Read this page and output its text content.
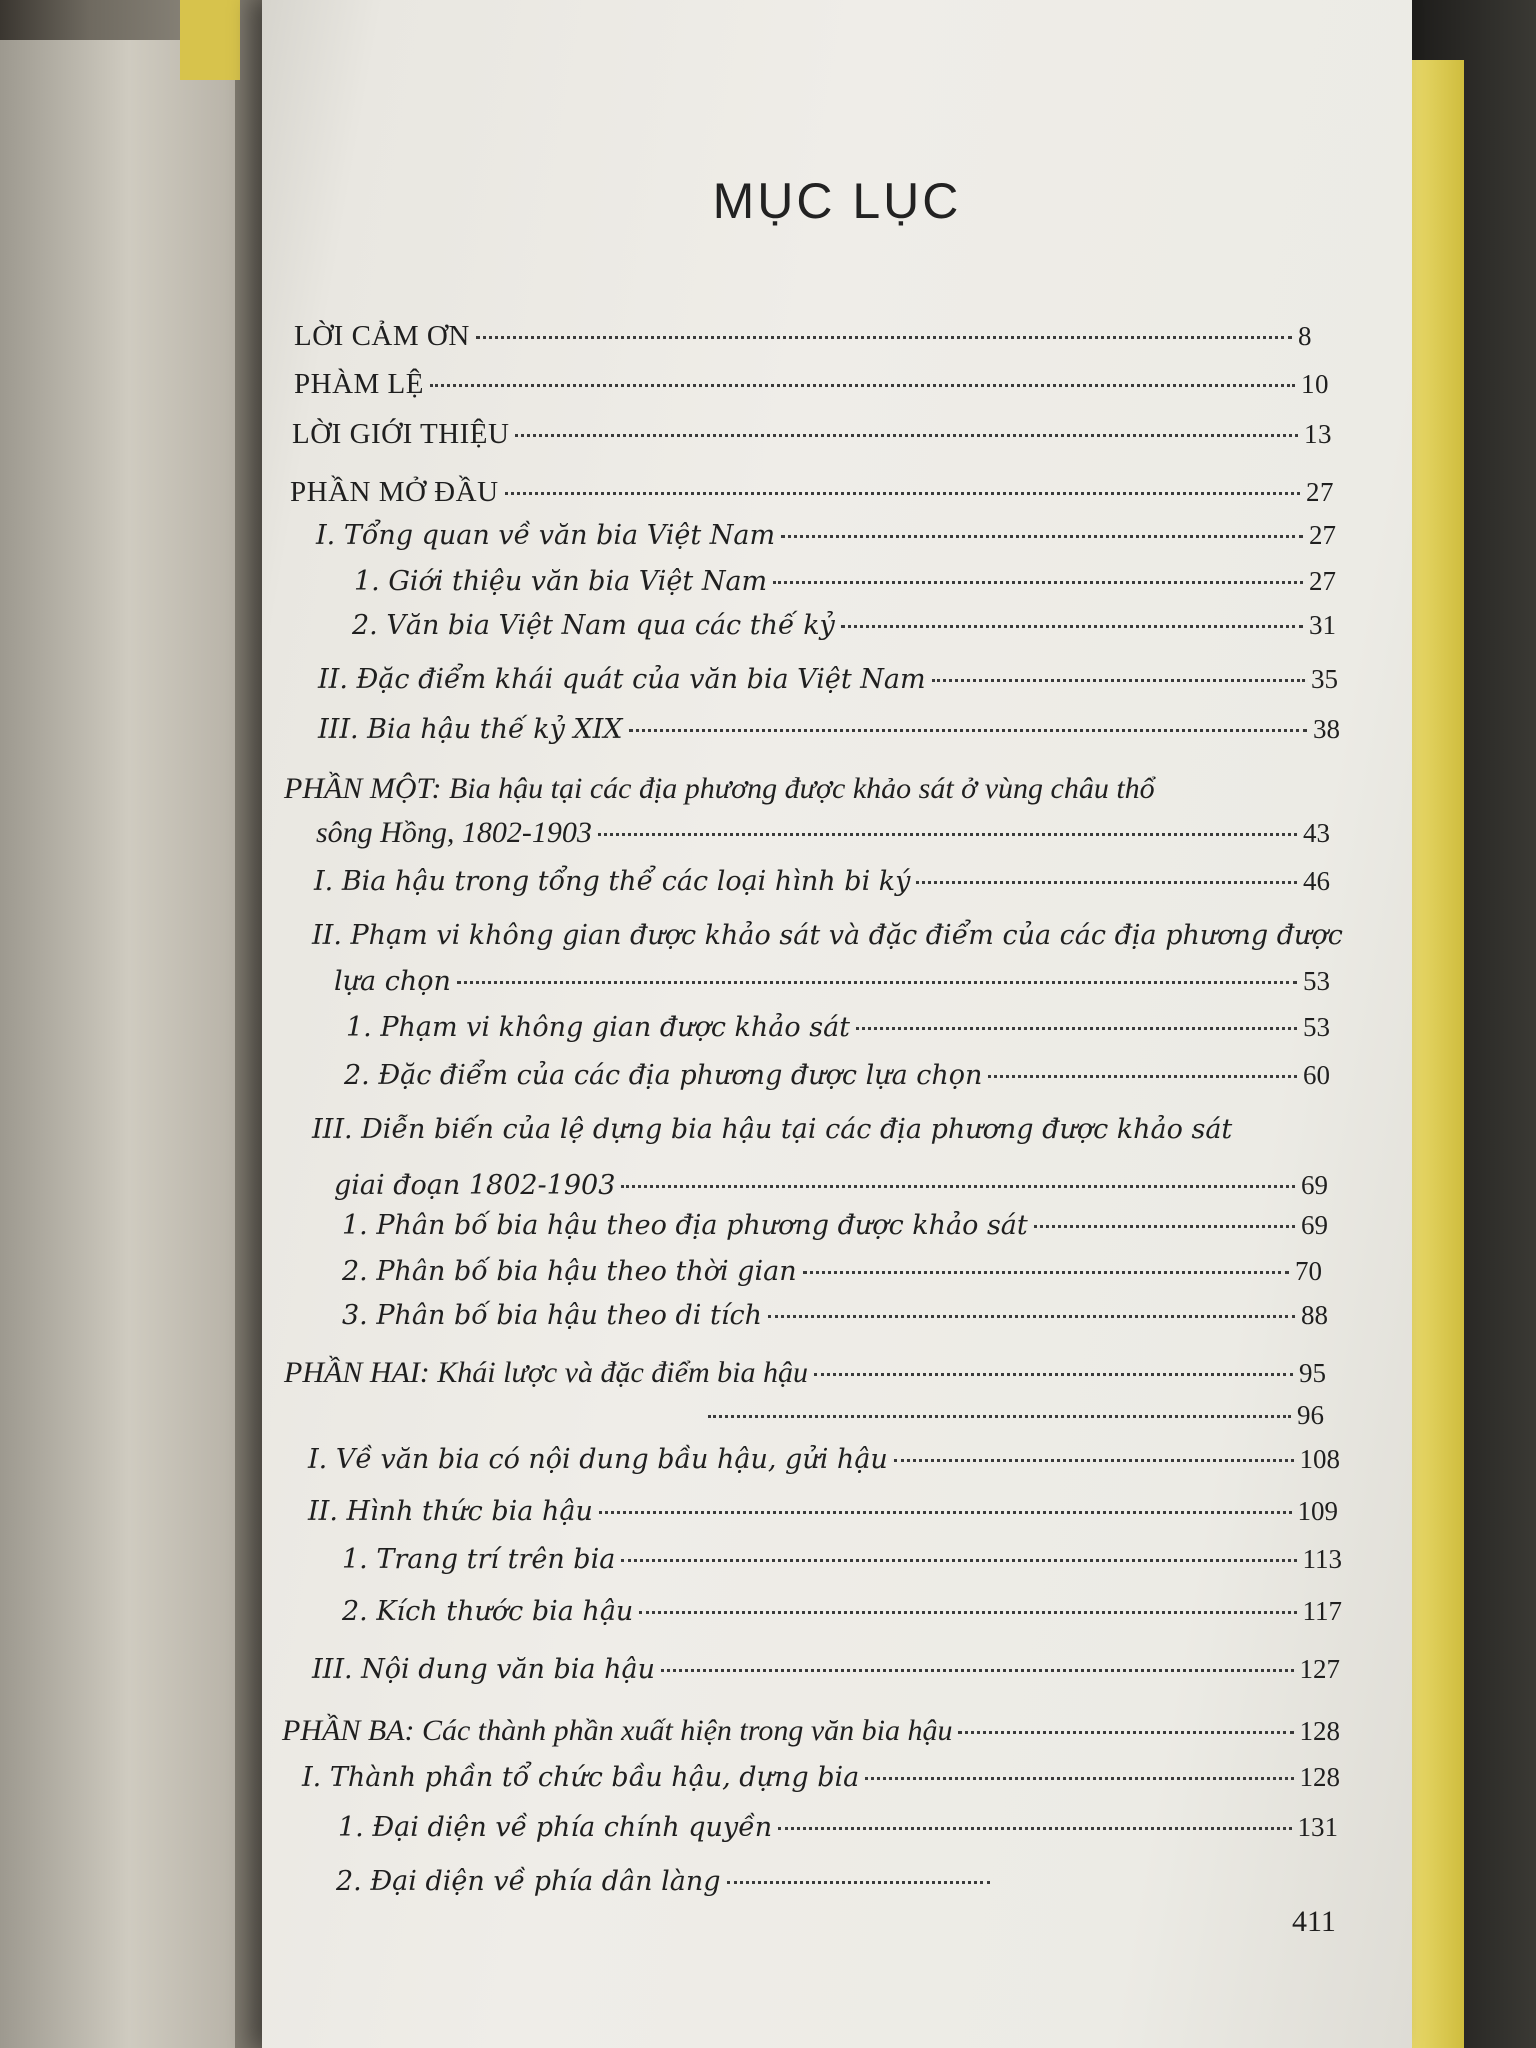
MỤC LỤC
LỜI CẢM ƠN	8
PHÀM LỆ	10
LỜI GIỚI THIỆU	13
PHẦN MỞ ĐẦU	27
I. Tổng quan về văn bia Việt Nam	27
1. Giới thiệu văn bia Việt Nam	27
2. Văn bia Việt Nam qua các thế kỷ	31
II. Đặc điểm khái quát của văn bia Việt Nam	35
III. Bia hậu thế kỷ XIX	38
PHẦN MỘT: Bia hậu tại các địa phương được khảo sát ở vùng châu thổ
sông Hồng, 1802-1903	43
I. Bia hậu trong tổng thể các loại hình bi ký	46
II. Phạm vi không gian được khảo sát và đặc điểm của các địa phương được
lựa chọn	53
1. Phạm vi không gian được khảo sát	53
2. Đặc điểm của các địa phương được lựa chọn	60
III. Diễn biến của lệ dựng bia hậu tại các địa phương được khảo sát
giai đoạn 1802-1903	69
1. Phân bố bia hậu theo địa phương được khảo sát	69
2. Phân bố bia hậu theo thời gian	70
3. Phân bố bia hậu theo di tích	88
PHẦN HAI: Khái lược và đặc điểm bia hậu	95
96
I. Về văn bia có nội dung bầu hậu, gửi hậu	108
II. Hình thức bia hậu	109
1. Trang trí trên bia	113
2. Kích thước bia hậu	117
III. Nội dung văn bia hậu	127
PHẦN BA: Các thành phần xuất hiện trong văn bia hậu	128
I. Thành phần tổ chức bầu hậu, dựng bia	128
1. Đại diện về phía chính quyền	131
2. Đại diện về phía dân làng
411
